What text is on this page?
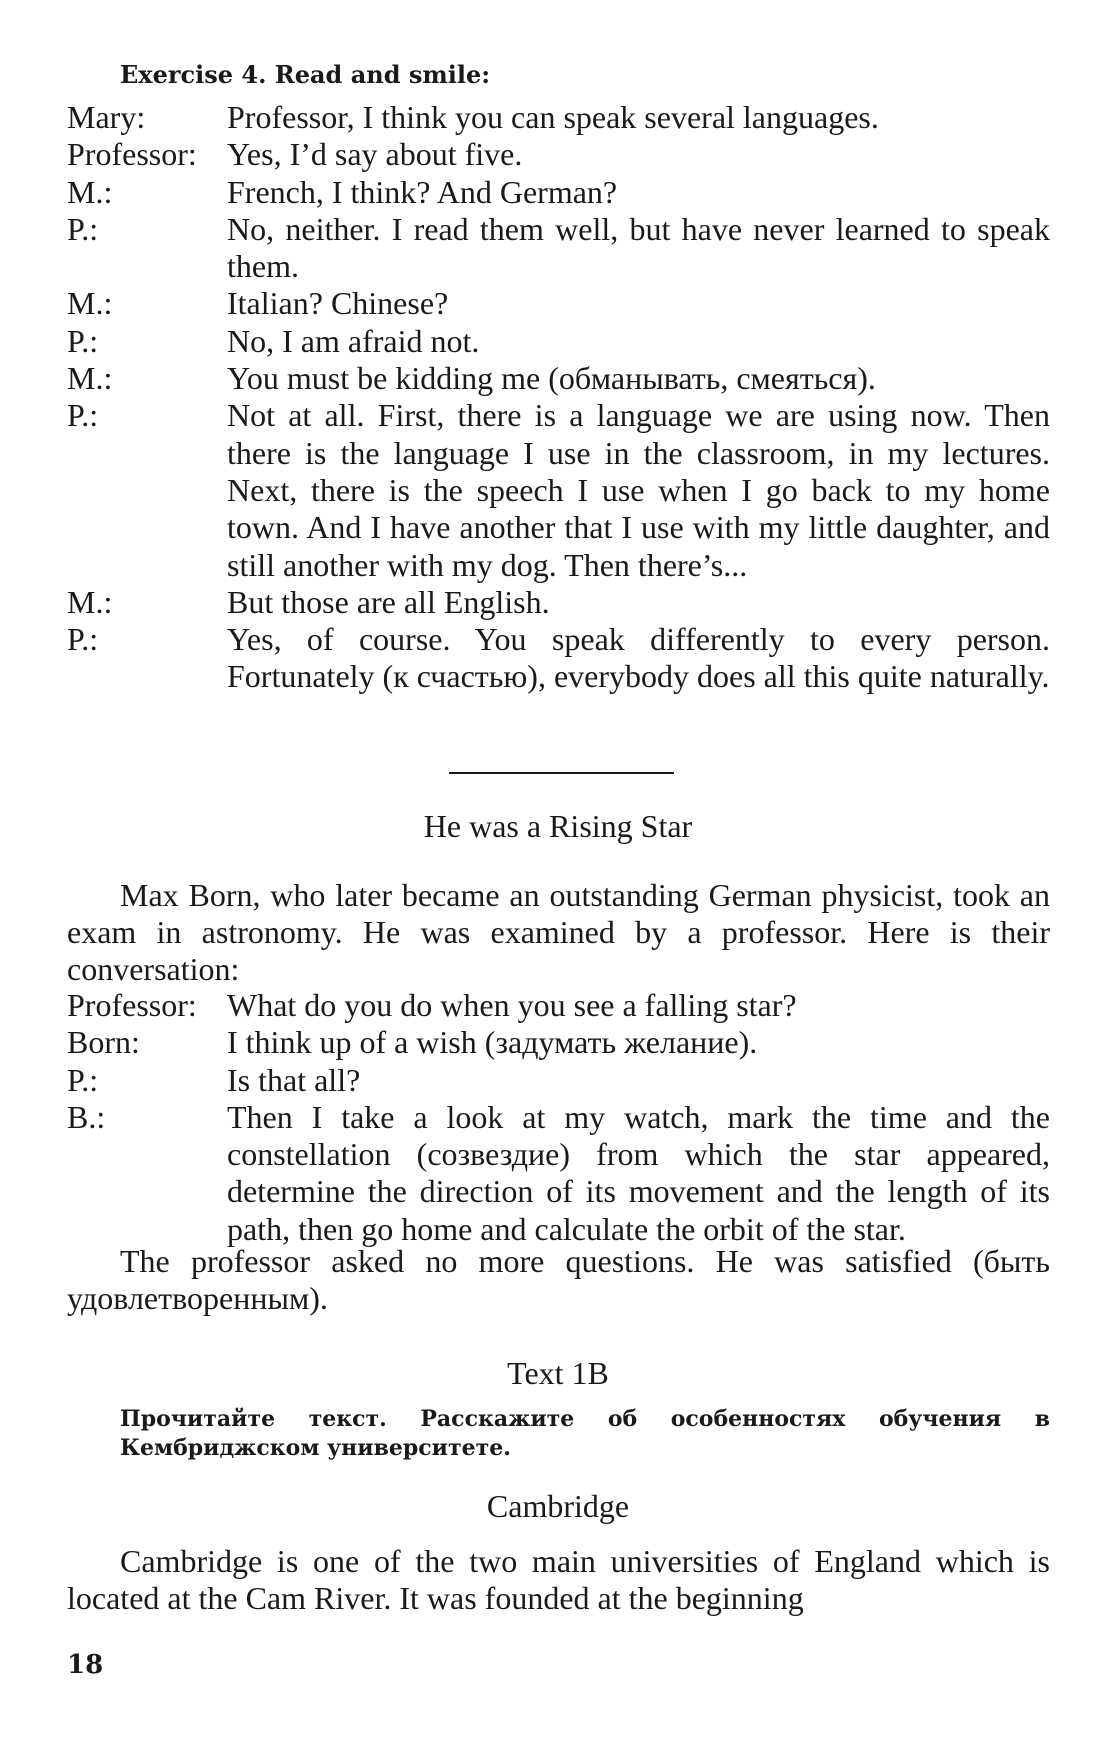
Exercise 4. Read and smile:
Mary:	Professor, I think you can speak several languages.
Professor: Yes, I’d say about five.
M.:	French, I think? And German?
P.:	No, neither. I read them well, but have never learned to speak them.
M.:	Italian? Chinese?
P.:	No, I am afraid not.
M.:	You must be kidding me (обманывать, смеяться).
P.:	Not at all. First, there is a language we are using now. Then there is the language I use in the classroom, in my lectures. Next, there is the speech I use when I go back to my home town. And I have another that I use with my little daughter, and still another with my dog. Then there’s...
M.:	But those are all English.
P.:	Yes, of course. You speak differently to every person. Fortunately (к счастью), everybody does all this quite naturally.
He was a Rising Star

Max Born, who later became an outstanding German physicist, took an exam in astronomy. He was examined by a professor. Here is their conversation:

Professor: What do you do when you see a falling star?
Born:	I think up of a wish (задумать желание).
P.:	Is that all?
B.:	Then I take a look at my watch, mark the time and the constellation (созвездие) from which the star appeared, determine the direction of its movement and the length of its path, then go home and calculate the orbit of the star.

The professor asked no more questions. He was satisfied (быть удовлетворенным).

Text 1B
Прочитайте текст. Расскажите об особенностях обучения в Кембриджском университете.
Cambridge

Cambridge is one of the two main universities of England which is located at the Cam River. It was founded at the beginning

18
